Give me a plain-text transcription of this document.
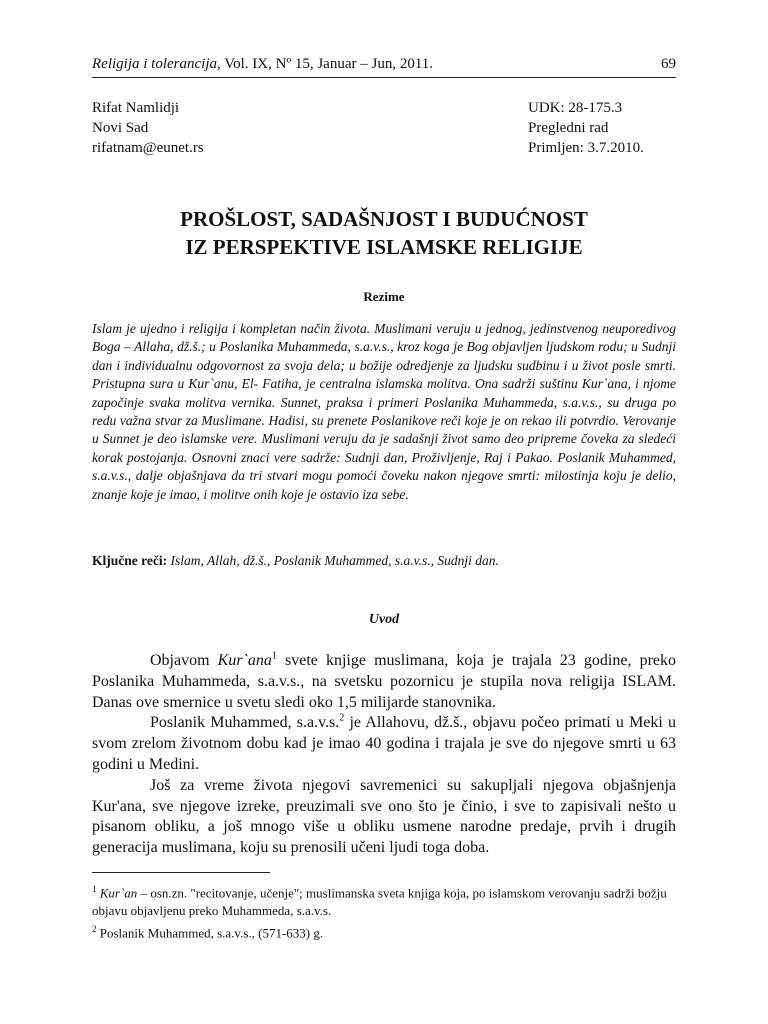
Religija i tolerancija, Vol. IX, Nº 15, Januar – Jun, 2011.	69
Rifat Namlidji
Novi Sad
rifatnam@eunet.rs
UDK: 28-175.3
Pregledni rad
Primljen: 3.7.2010.
PROŠLOST, SADAŠNJOST I BUDUĆNOST
IZ PERSPEKTIVE ISLAMSKE RELIGIJE
Rezime

Islam je ujedno i religija i kompletan način života. Muslimani veruju u jednog, jedinstvenog neuporedivog Boga – Allaha, dž.š.; u Poslanika Muhammeda, s.a.v.s., kroz koga je Bog objavljen ljudskom rodu; u Sudnji dan i individualnu odgovornost za svoja dela; u božije odredjenje za ljudsku sudbinu i u život posle smrti. Pristupna sura u Kur`anu, El- Fatiha, je centralna islamska molitva. Ona sadrži suštinu Kur`ana, i njome započinje svaka molitva vernika. Sunnet, praksa i primeri Poslanika Muhammeda, s.a.v.s., su druga po redu važna stvar za Muslimane. Hadisi, su prenete Poslanikove reči koje je on rekao ili potvrdio. Verovanje u Sunnet je deo islamske vere. Muslimani veruju da je sadašnji život samo deo pripreme čoveka za sledeći korak postojanja. Osnovni znaci vere sadrže: Sudnji dan, Proživljenje, Raj i Pakao. Poslanik Muhammed, s.a.v.s., dalje objašnjava da tri stvari mogu pomoći čoveku nakon njegove smrti: milostinja koju je delio, znanje koje je imao, i molitve onih koje je ostavio iza sebe.

Ključne reči: Islam, Allah, dž.š., Poslanik Muhammed, s.a.v.s., Sudnji dan.
Uvod

Objavom Kur`ana$^1$ svete knjige muslimana, koja je trajala 23 godine, preko Poslanika Muhammeda, s.a.v.s., na svetsku pozornicu je stupila nova religija ISLAM. Danas ove smernice u svetu sledi oko 1,5 milijarde stanovnika.

Poslanik Muhammed, s.a.v.s.$^2$ je Allahovu, dž.š., objavu počeo primati u Meki u svom zrelom životnom dobu kad je imao 40 godina i trajala je sve do njegove smrti u 63 godini u Medini.

Još za vreme života njegovi savremenici su sakupljali njegova objašnjenja Kur'ana, sve njegove izreke, preuzimali sve ono što je činio, i sve to zapisivali nešto u pisanom obliku, a još mnogo više u obliku usmene narodne predaje, prvih i drugih generacija muslimana, koju su prenosili učeni ljudi toga doba.

$^1$ Kur`an – osn.zn. "recitovanje, učenje"; muslimanska sveta knjiga koja, po islamskom verovanju sadrži božju objavu objavljenu preko Muhammeda, s.a.v.s.
$^2$ Poslanik Muhammed, s.a.v.s., (571-633) g.
